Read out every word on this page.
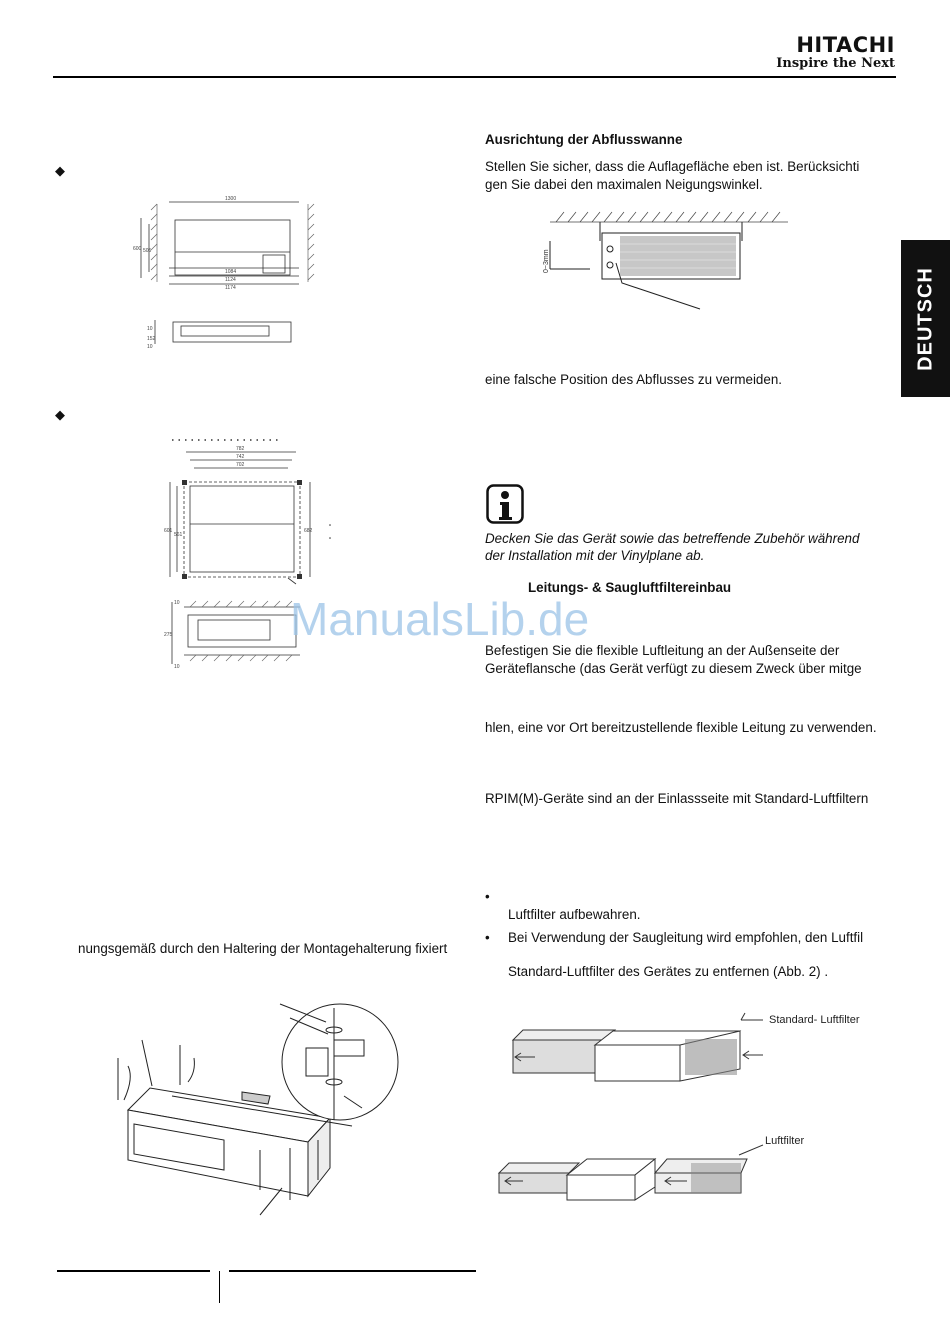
HITACHI
Inspire the Next
DEUTSCH
◆
1300
600 505
1084
1124
1174
10
152
10
◆
782
742
702
601
561
682
10
275
10
nungsgemäß durch den Haltering der Montagehalterung fixiert
Ausrichtung der Abflusswanne
Stellen Sie sicher, dass die Auflagefläche eben ist. Berücksichti
gen Sie dabei den maximalen Neigungswinkel.
0~3mm
eine falsche Position des Abflusses zu vermeiden.
Decken Sie das Gerät sowie das betreffende Zubehör während
der Installation mit der Vinylplane ab.
Leitungs- & Saugluftfiltereinbau
Befestigen Sie die flexible Luftleitung an der Außenseite der
Geräteflansche (das Gerät verfügt zu diesem Zweck über mitge
hlen, eine vor Ort bereitzustellende flexible Leitung zu verwenden.
RPIM(M)-Geräte sind an der Einlassseite mit Standard-Luftfiltern
•
Luftfilter aufbewahren.
• Bei Verwendung der Saugleitung wird empfohlen, den Luftfil
Standard-Luftfilter des Gerätes zu entfernen (Abb. 2) .
Standard- Luftfilter
Luftfilter
ManualsLib.de
